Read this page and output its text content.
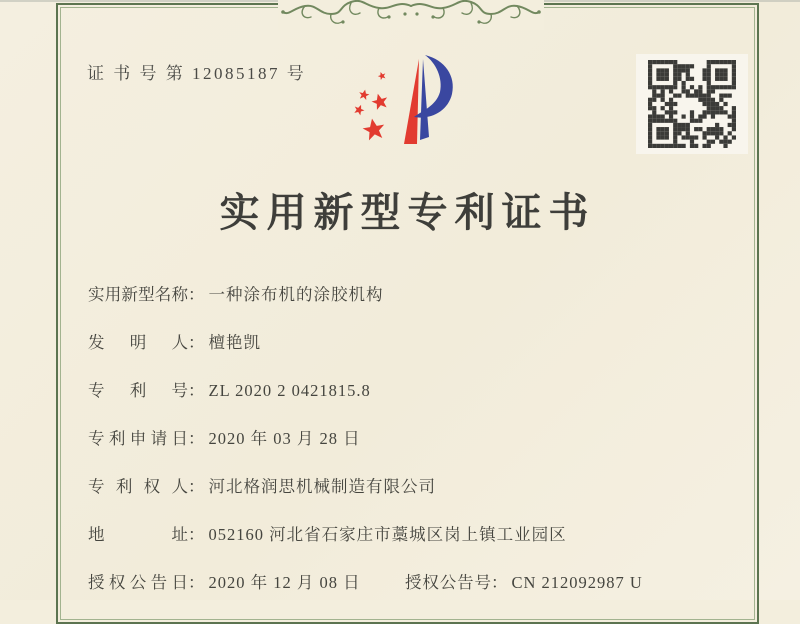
证 书 号 第 12085187 号
实用新型专利证书
实用新型名称： 一种涂布机的涂胶机构
发明人： 檀艳凯
专利号： ZL 2020 2 0421815.8
专利申请日： 2020 年 03 月 28 日
专利权人： 河北格润思机械制造有限公司
地址： 052160 河北省石家庄市藁城区岗上镇工业园区
授权公告日： 2020 年 12 月 08 日	授权公告号： CN 212092987 U
